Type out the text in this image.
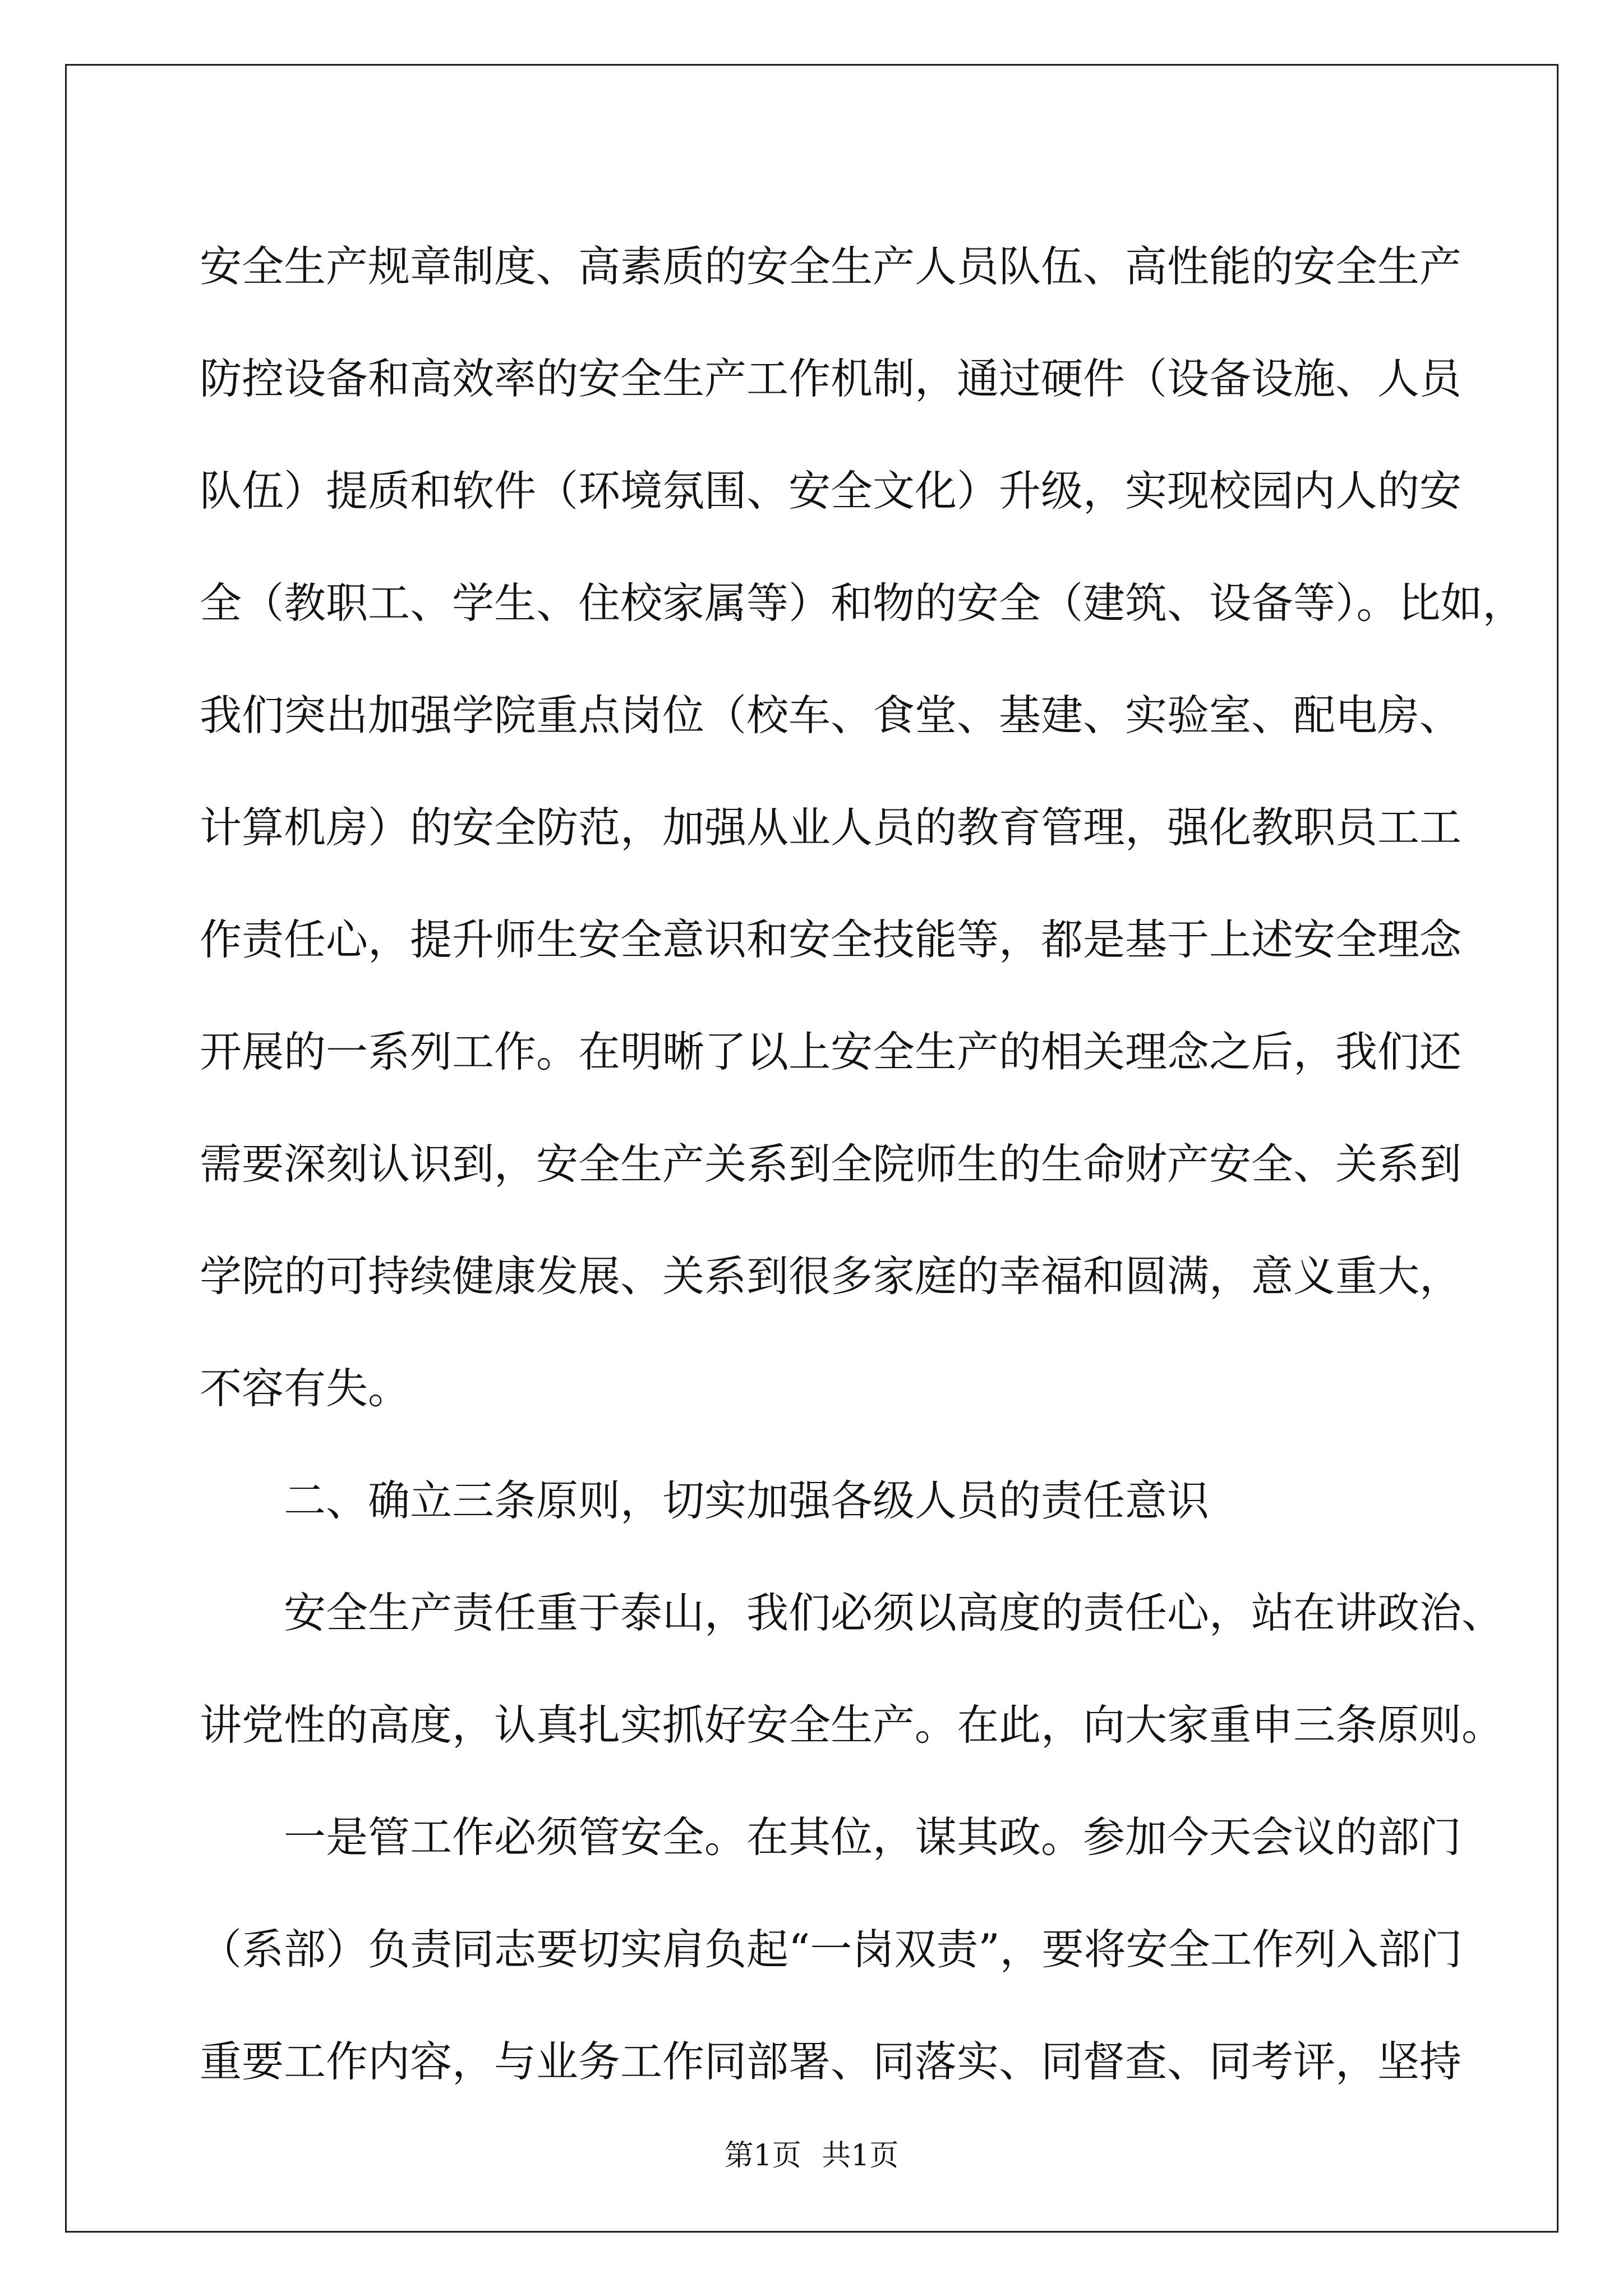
安全生产规章制度、高素质的安全生产人员队伍、高性能的安全生产
防控设备和高效率的安全生产工作机制，通过硬件（设备设施、人员
队伍）提质和软件（环境氛围、安全文化）升级，实现校园内人的安
全（教职工、学生、住校家属等）和物的安全（建筑、设备等）。比如，
我们突出加强学院重点岗位（校车、食堂、基建、实验室、配电房、
计算机房）的安全防范，加强从业人员的教育管理，强化教职员工工
作责任心，提升师生安全意识和安全技能等，都是基于上述安全理念
开展的一系列工作。在明晰了以上安全生产的相关理念之后，我们还
需要深刻认识到，安全生产关系到全院师生的生命财产安全、关系到
学院的可持续健康发展、关系到很多家庭的幸福和圆满，意义重大，
不容有失。
二、确立三条原则，切实加强各级人员的责任意识
安全生产责任重于泰山，我们必须以高度的责任心，站在讲政治、
讲党性的高度，认真扎实抓好安全生产。在此，向大家重申三条原则。
一是管工作必须管安全。在其位，谋其政。参加今天会议的部门
（系部）负责同志要切实肩负起“一岗双责”，要将安全工作列入部门
重要工作内容，与业务工作同部署、同落实、同督查、同考评，坚持
第1页 共1页
